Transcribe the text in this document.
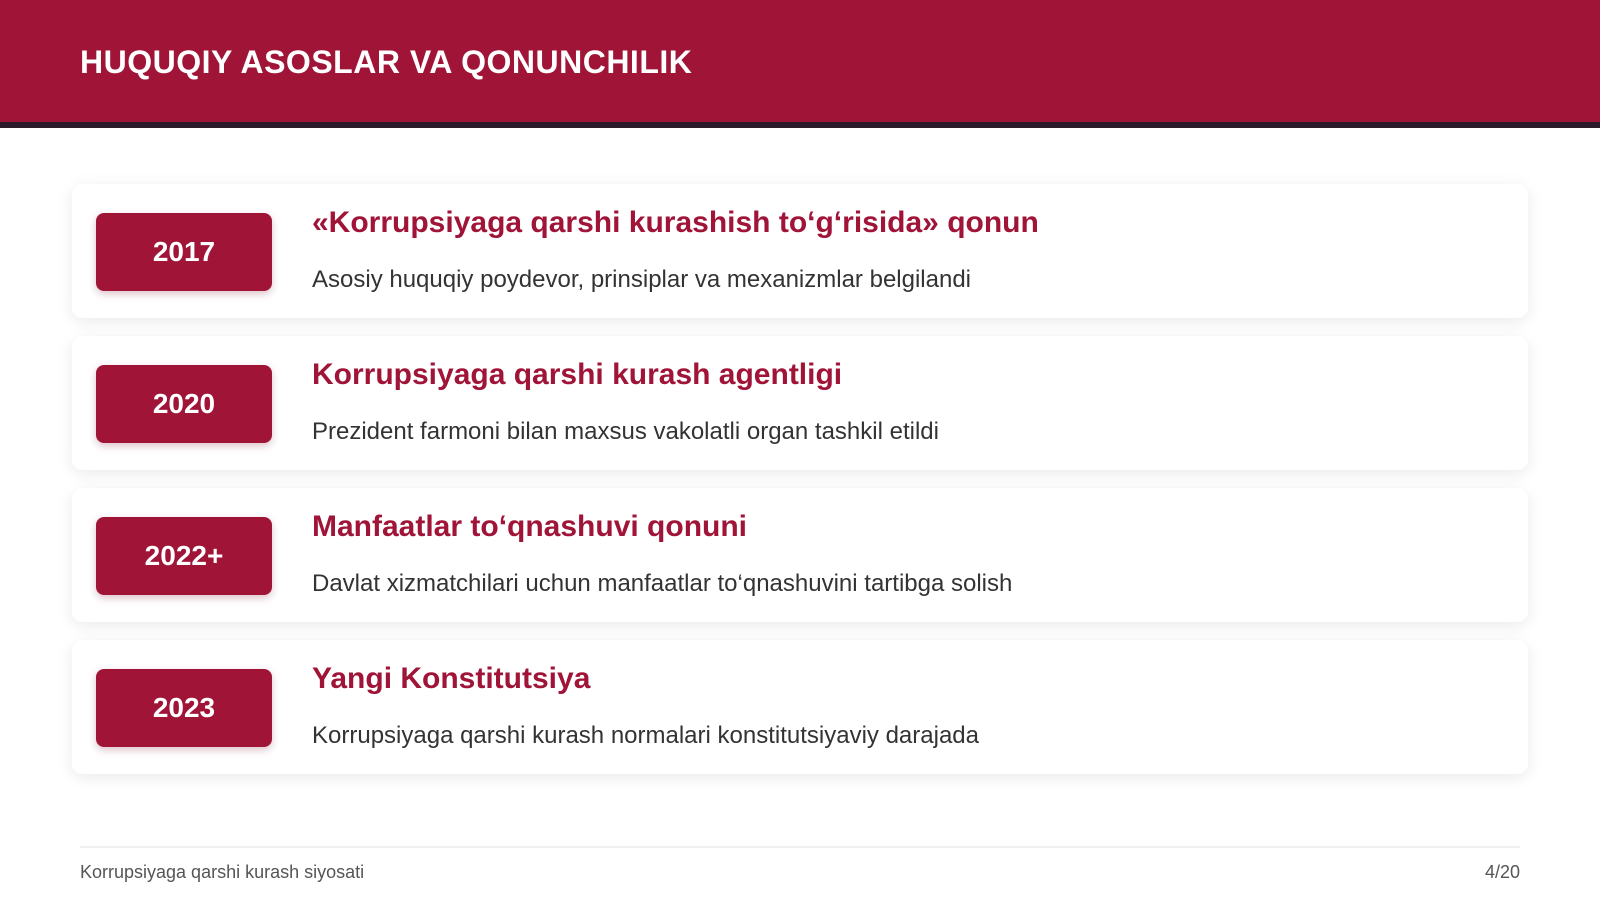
HUQUQIY ASOSLAR VA QONUNCHILIK
2017
«Korrupsiyaga qarshi kurashish to‘g‘risida» qonun

Asosiy huquqiy poydevor, prinsiplar va mexanizmlar belgilandi

2020
Korrupsiyaga qarshi kurash agentligi

Prezident farmoni bilan maxsus vakolatli organ tashkil etildi

2022+
Manfaatlar to‘qnashuvi qonuni

Davlat xizmatchilari uchun manfaatlar to‘qnashuvini tartibga solish

2023
Yangi Konstitutsiya

Korrupsiyaga qarshi kurash normalari konstitutsiyaviy darajada

Korrupsiyaga qarshi kurash siyosati	4/20
